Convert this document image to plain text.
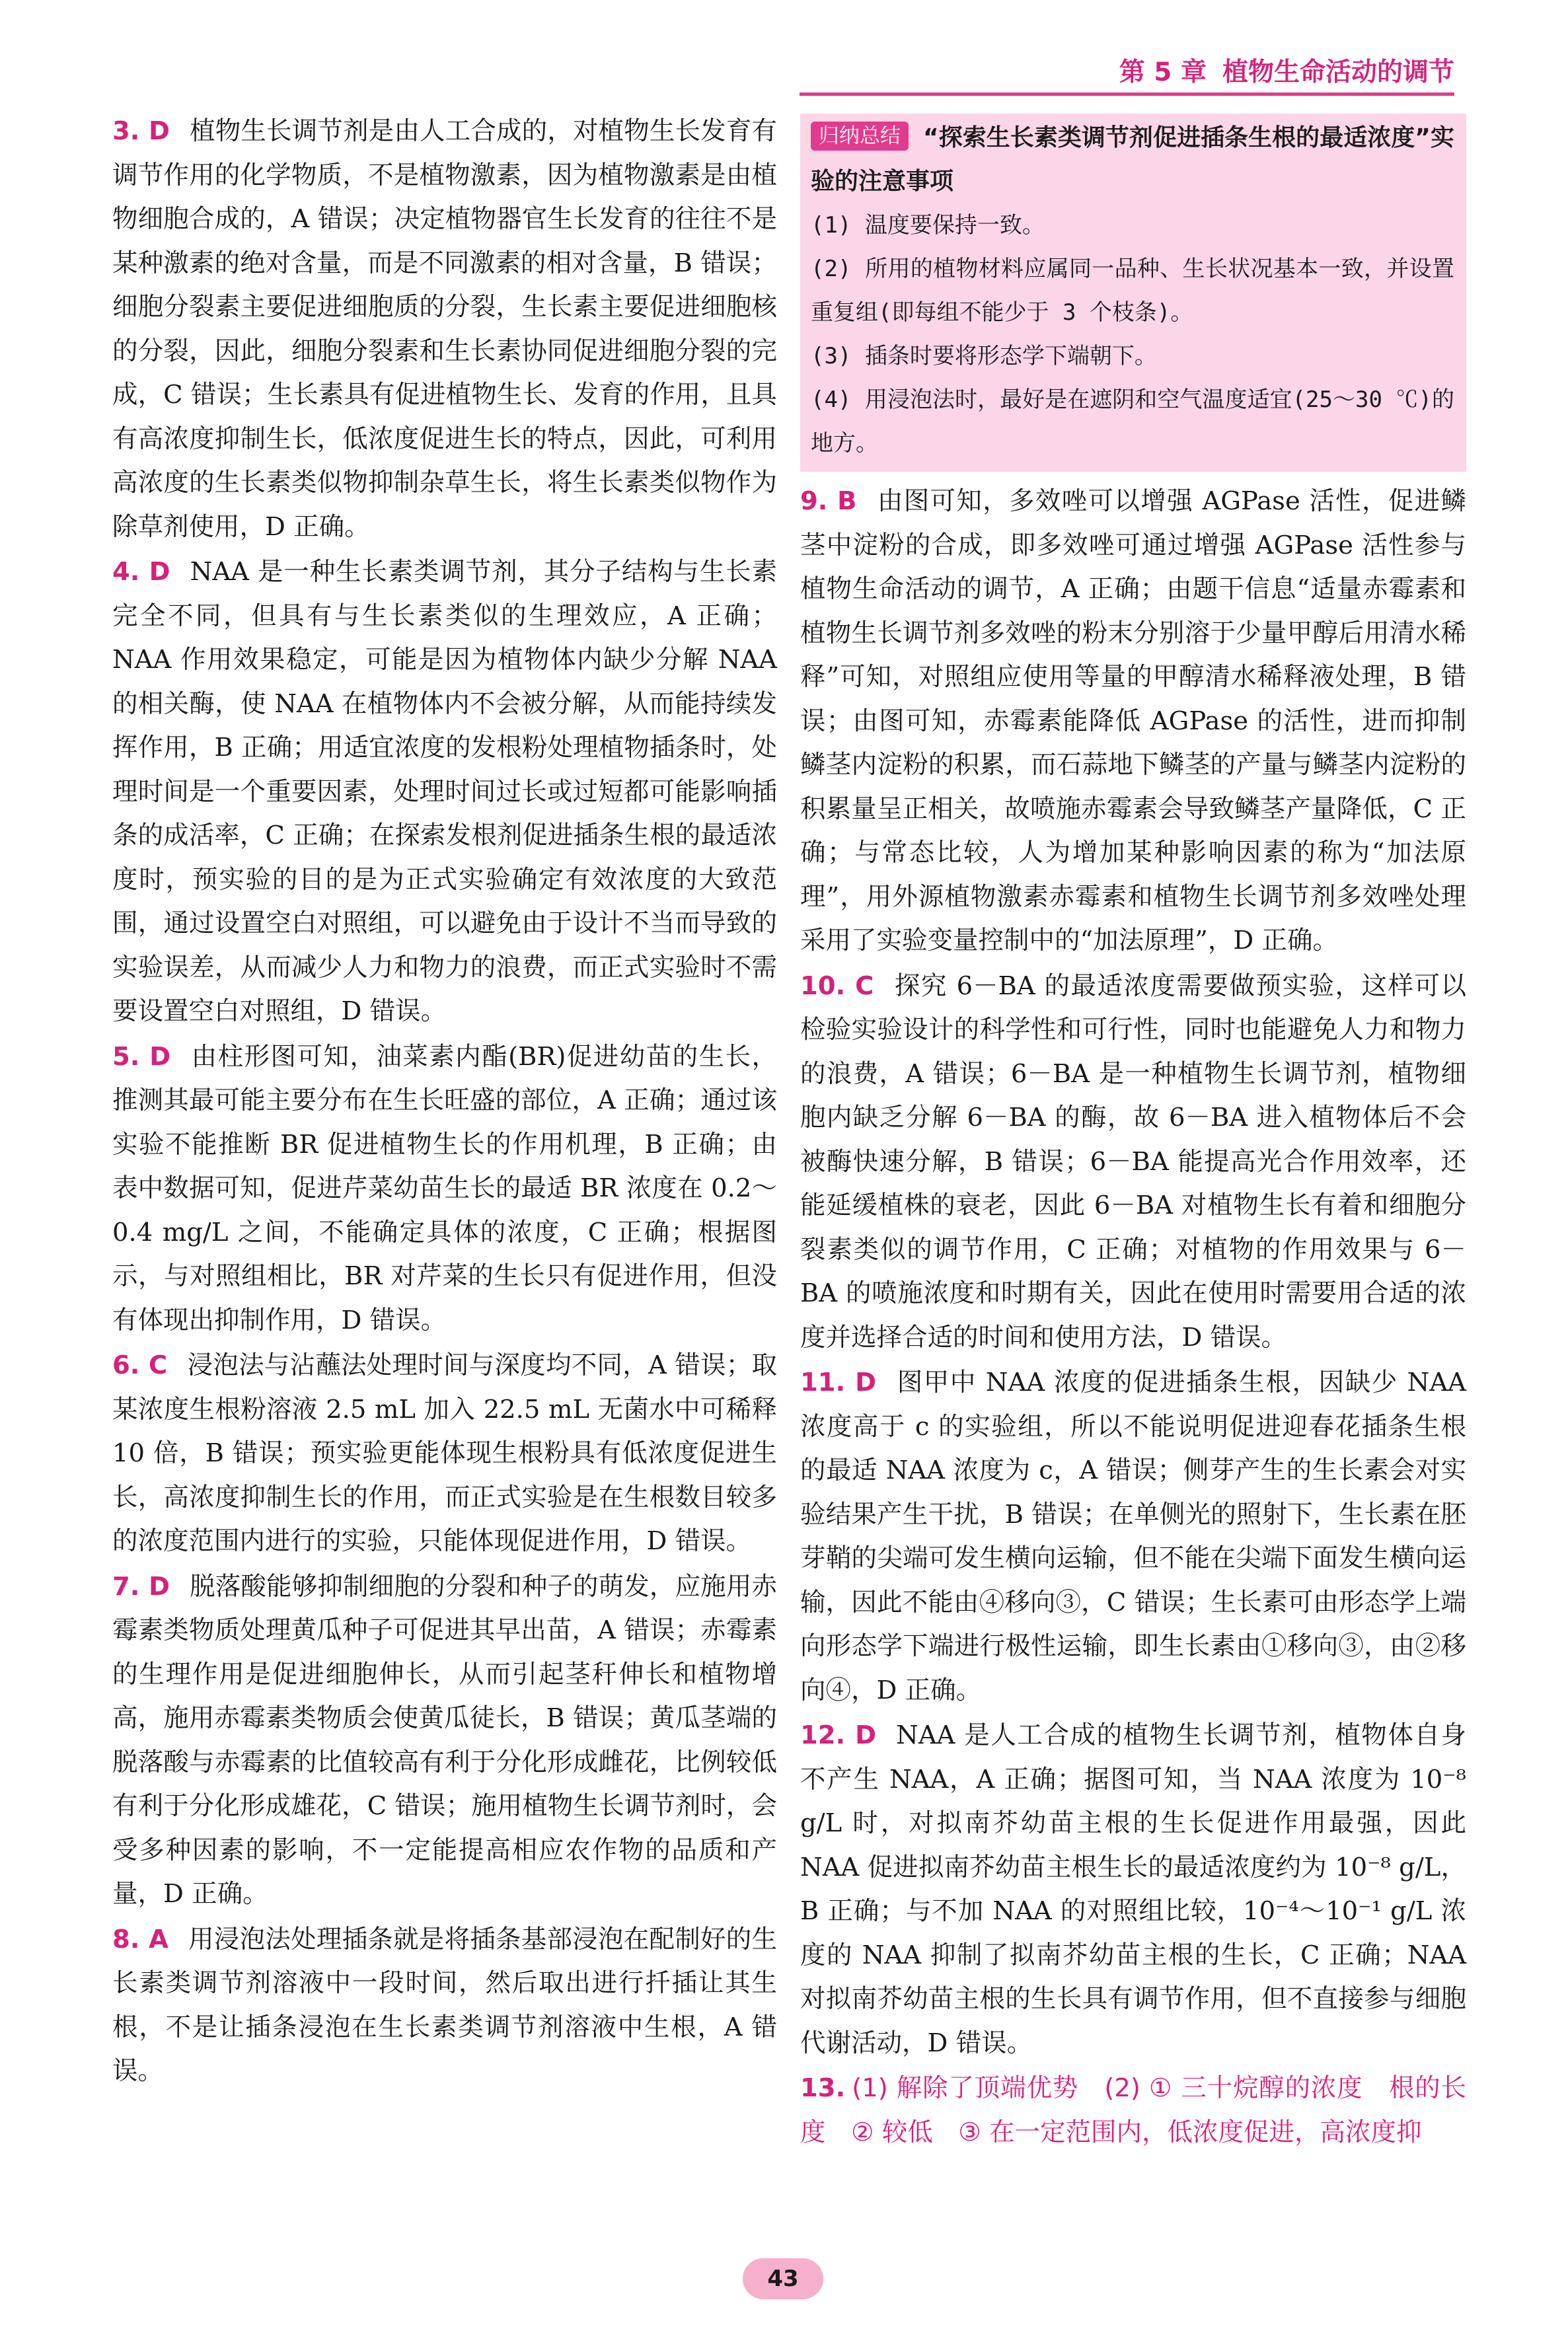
第 5 章 植物生命活动的调节

3. D 植物生长调节剂是由人工合成的，对植物生长发育有调节作用的化学物质，不是植物激素，因为植物激素是由植物细胞合成的，A 错误；决定植物器官生长发育的往往不是某种激素的绝对含量，而是不同激素的相对含量，B 错误；细胞分裂素主要促进细胞质的分裂，生长素主要促进细胞核的分裂，因此，细胞分裂素和生长素协同促进细胞分裂的完成，C 错误；生长素具有促进植物生长、发育的作用，且具有高浓度抑制生长，低浓度促进生长的特点，因此，可利用高浓度的生长素类似物抑制杂草生长，将生长素类似物作为除草剂使用，D 正确。

4. D NAA 是一种生长素类调节剂，其分子结构与生长素完全不同，但具有与生长素类似的生理效应，A 正确；NAA 作用效果稳定，可能是因为植物体内缺少分解 NAA 的相关酶，使 NAA 在植物体内不会被分解，从而能持续发挥作用，B 正确；用适宜浓度的发根粉处理植物插条时，处理时间是一个重要因素，处理时间过长或过短都可能影响插条的成活率，C 正确；在探索发根剂促进插条生根的最适浓度时，预实验的目的是为正式实验确定有效浓度的大致范围，通过设置空白对照组，可以避免由于设计不当而导致的实验误差，从而减少人力和物力的浪费，而正式实验时不需要设置空白对照组，D 错误。

5. D 由柱形图可知，油菜素内酯(BR)促进幼苗的生长，推测其最可能主要分布在生长旺盛的部位，A 正确；通过该实验不能推断 BR 促进植物生长的作用机理，B 正确；由表中数据可知，促进芹菜幼苗生长的最适 BR 浓度在 0.2～0.4 mg/L 之间，不能确定具体的浓度，C 正确；根据图示，与对照组相比，BR 对芹菜的生长只有促进作用，但没有体现出抑制作用，D 错误。

6. C 浸泡法与沾蘸法处理时间与深度均不同，A 错误；取某浓度生根粉溶液 2.5 mL 加入 22.5 mL 无菌水中可稀释 10 倍，B 错误；预实验更能体现生根粉具有低浓度促进生长，高浓度抑制生长的作用，而正式实验是在生根数目较多的浓度范围内进行的实验，只能体现促进作用，D 错误。

7. D 脱落酸能够抑制细胞的分裂和种子的萌发，应施用赤霉素类物质处理黄瓜种子可促进其早出苗，A 错误；赤霉素的生理作用是促进细胞伸长，从而引起茎秆伸长和植物增高，施用赤霉素类物质会使黄瓜徒长，B 错误；黄瓜茎端的脱落酸与赤霉素的比值较高有利于分化形成雌花，比例较低有利于分化形成雄花，C 错误；施用植物生长调节剂时，会受多种因素的影响，不一定能提高相应农作物的品质和产量，D 正确。

8. A 用浸泡法处理插条就是将插条基部浸泡在配制好的生长素类调节剂溶液中一段时间，然后取出进行扦插让其生根，不是让插条浸泡在生长素类调节剂溶液中生根，A 错误。

归纳总结 “探索生长素类调节剂促进插条生根的最适浓度”实验的注意事项
(1) 温度要保持一致。
(2) 所用的植物材料应属同一品种、生长状况基本一致，并设置重复组(即每组不能少于 3 个枝条)。
(3) 插条时要将形态学下端朝下。
(4) 用浸泡法时，最好是在遮阴和空气温度适宜(25～30 ℃)的地方。

9. B 由图可知，多效唑可以增强 AGPase 活性，促进鳞茎中淀粉的合成，即多效唑可通过增强 AGPase 活性参与植物生命活动的调节，A 正确；由题干信息“适量赤霉素和植物生长调节剂多效唑的粉末分别溶于少量甲醇后用清水稀释”可知，对照组应使用等量的甲醇清水稀释液处理，B 错误；由图可知，赤霉素能降低 AGPase 的活性，进而抑制鳞茎内淀粉的积累，而石蒜地下鳞茎的产量与鳞茎内淀粉的积累量呈正相关，故喷施赤霉素会导致鳞茎产量降低，C 正确；与常态比较，人为增加某种影响因素的称为“加法原理”，用外源植物激素赤霉素和植物生长调节剂多效唑处理采用了实验变量控制中的“加法原理”，D 正确。

10. C 探究 6－BA 的最适浓度需要做预实验，这样可以检验实验设计的科学性和可行性，同时也能避免人力和物力的浪费，A 错误；6－BA 是一种植物生长调节剂，植物细胞内缺乏分解 6－BA 的酶，故 6－BA 进入植物体后不会被酶快速分解，B 错误；6－BA 能提高光合作用效率，还能延缓植株的衰老，因此 6－BA 对植物生长有着和细胞分裂素类似的调节作用，C 正确；对植物的作用效果与 6－BA 的喷施浓度和时期有关，因此在使用时需要用合适的浓度并选择合适的时间和使用方法，D 错误。

11. D 图甲中 NAA 浓度的促进插条生根，因缺少 NAA 浓度高于 c 的实验组，所以不能说明促进迎春花插条生根的最适 NAA 浓度为 c，A 错误；侧芽产生的生长素会对实验结果产生干扰，B 错误；在单侧光的照射下，生长素在胚芽鞘的尖端可发生横向运输，但不能在尖端下面发生横向运输，因此不能由④移向③，C 错误；生长素可由形态学上端向形态学下端进行极性运输，即生长素由①移向③，由②移向④，D 正确。

12. D NAA 是人工合成的植物生长调节剂，植物体自身不产生 NAA，A 正确；据图可知，当 NAA 浓度为 10⁻⁸ g/L 时，对拟南芥幼苗主根的生长促进作用最强，因此 NAA 促进拟南芥幼苗主根生长的最适浓度约为 10⁻⁸ g/L，B 正确；与不加 NAA 的对照组比较，10⁻⁴～10⁻¹ g/L 浓度的 NAA 抑制了拟南芥幼苗主根的生长，C 正确；NAA 对拟南芥幼苗主根的生长具有调节作用，但不直接参与细胞代谢活动，D 错误。

13. (1) 解除了顶端优势　(2) ① 三十烷醇的浓度　根的长度　② 较低　③ 在一定范围内，低浓度促进，高浓度抑

43
